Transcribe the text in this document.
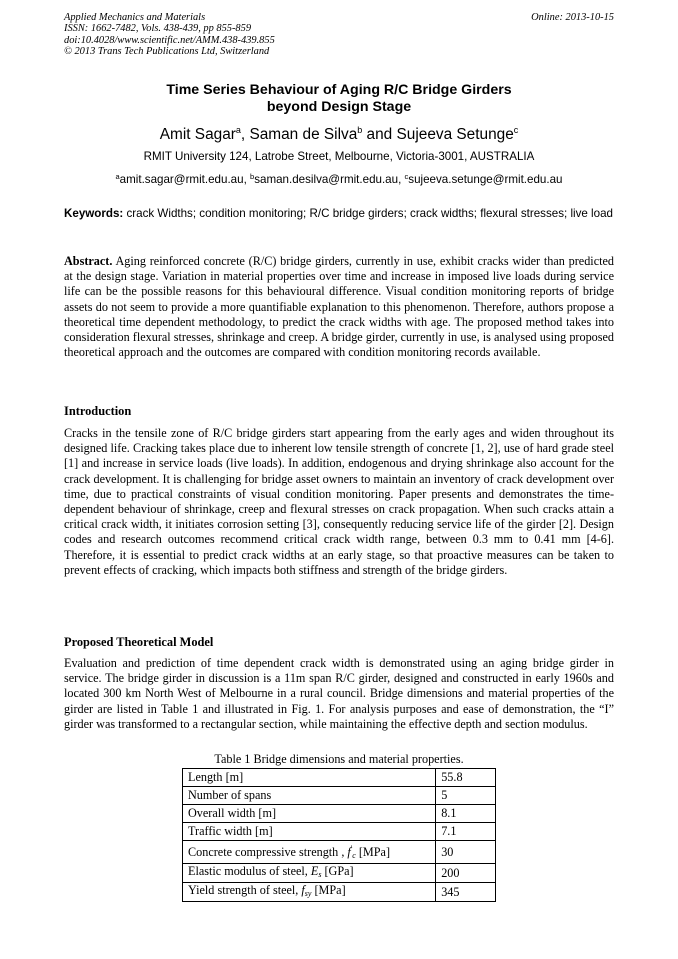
Applied Mechanics and Materials
ISSN: 1662-7482, Vols. 438-439, pp 855-859
doi:10.4028/www.scientific.net/AMM.438-439.855
© 2013 Trans Tech Publications Ltd, Switzerland
Online: 2013-10-15
Time Series Behaviour of Aging R/C Bridge Girders
beyond Design Stage
Amit Sagar$^a$, Saman de Silva$^b$ and Sujeeva Setunge$^c$
RMIT University 124, Latrobe Street, Melbourne, Victoria-3001, AUSTRALIA
$^a$amit.sagar@rmit.edu.au, $^b$saman.desilva@rmit.edu.au, $^c$sujeeva.setunge@rmit.edu.au
Keywords: crack Widths; condition monitoring; R/C bridge girders; crack widths; flexural stresses; live load
Abstract. Aging reinforced concrete (R/C) bridge girders, currently in use, exhibit cracks wider than predicted at the design stage. Variation in material properties over time and increase in imposed live loads during service life can be the possible reasons for this behavioural difference. Visual condition monitoring reports of bridge assets do not seem to provide a more quantifiable explanation to this phenomenon. Therefore, authors propose a theoretical time dependent methodology, to predict the crack widths with age. The proposed method takes into consideration flexural stresses, shrinkage and creep. A bridge girder, currently in use, is analysed using proposed theoretical approach and the outcomes are compared with condition monitoring records available.
Introduction
Cracks in the tensile zone of R/C bridge girders start appearing from the early ages and widen throughout its designed life. Cracking takes place due to inherent low tensile strength of concrete [1, 2], use of hard grade steel [1] and increase in service loads (live loads). In addition, endogenous and drying shrinkage also account for the crack development. It is challenging for bridge asset owners to maintain an inventory of crack development over time, due to practical constraints of visual condition monitoring. Paper presents and demonstrates the time-dependent behaviour of shrinkage, creep and flexural stresses on crack propagation. When such cracks attain a critical crack width, it initiates corrosion setting [3], consequently reducing service life of the girder [2]. Design codes and research outcomes recommend critical crack width range, between 0.3 mm to 0.41 mm [4-6]. Therefore, it is essential to predict crack widths at an early stage, so that proactive measures can be taken to prevent effects of cracking, which impacts both stiffness and strength of the bridge girders.
Proposed Theoretical Model
Evaluation and prediction of time dependent crack width is demonstrated using an aging bridge girder in service. The bridge girder in discussion is a 11m span R/C girder, designed and constructed in early 1960s and located 300 km North West of Melbourne in a rural council. Bridge dimensions and material properties of the girder are listed in Table 1 and illustrated in Fig. 1. For analysis purposes and ease of demonstration, the “I” girder was transformed to a rectangular section, while maintaining the effective depth and section modulus.
Table 1 Bridge dimensions and material properties.
Length [m]	55.8
Number of spans	5
Overall width [m]	8.1
Traffic width [m]	7.1
Concrete compressive strength , f'c [MPa]	30
Elastic modulus of steel, Es [GPa]	200
Yield strength of steel, fsy [MPa]	345
